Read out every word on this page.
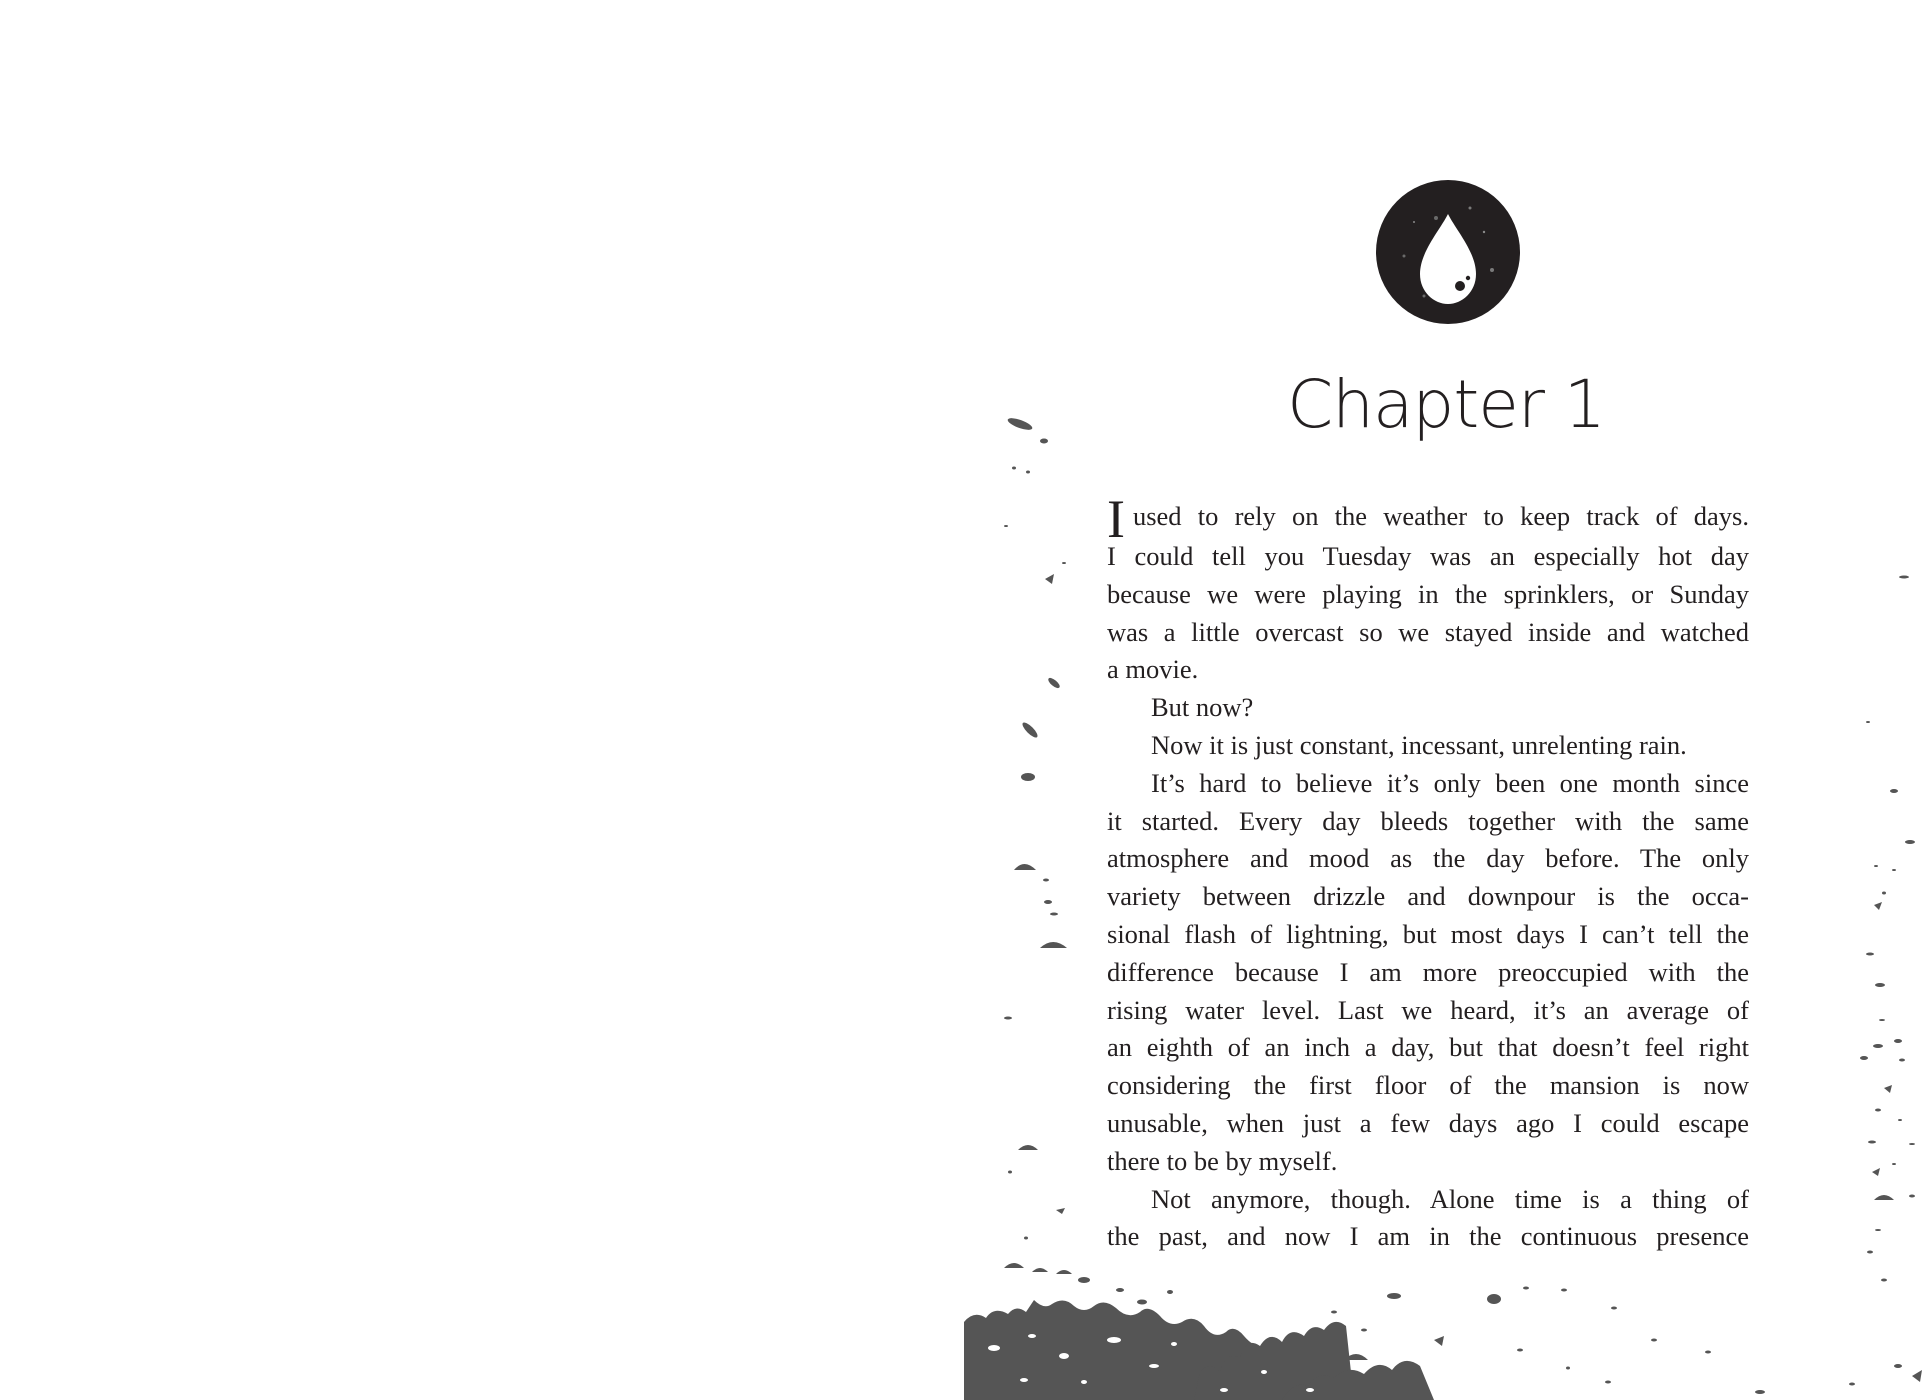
Chapter 1
I used to rely on the weather to keep track of days.
I could tell you Tuesday was an especially hot day
because we were playing in the sprinklers, or Sunday
was a little overcast so we stayed inside and watched
a movie.
But now?
Now it is just constant, incessant, unrelenting rain.
It’s hard to believe it’s only been one month since
it started. Every day bleeds together with the same
atmosphere and mood as the day before. The only
variety between drizzle and downpour is the occa-
sional flash of lightning, but most days I can’t tell the
difference because I am more preoccupied with the
rising water level. Last we heard, it’s an average of
an eighth of an inch a day, but that doesn’t feel right
considering the first floor of the mansion is now
unusable, when just a few days ago I could escape
there to be by myself.
Not anymore, though. Alone time is a thing of
the past, and now I am in the continuous presence
